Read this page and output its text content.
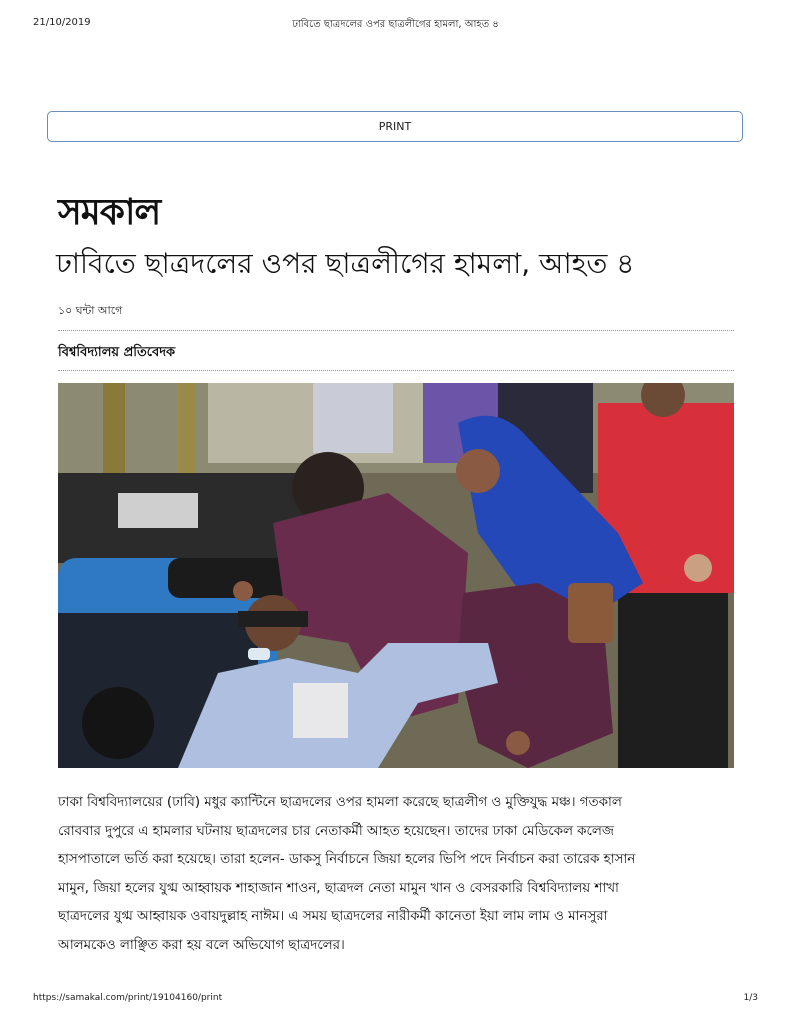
21/10/2019	ঢাবিতে ছাত্রদলের ওপর ছাত্রলীগের হামলা, আহত ৪
PRINT
সমকাল
ঢাবিতে ছাত্রদলের ওপর ছাত্রলীগের হামলা, আহত ৪
১০ ঘন্টা আগে
বিশ্ববিদ্যালয় প্রতিবেদক
ঢাকা বিশ্ববিদ্যালয়ের (ঢাবি) মধুর ক্যান্টিনে ছাত্রদলের ওপর হামলা করেছে ছাত্রলীগ ও মুক্তিযুদ্ধ মঞ্চ। গতকাল
রোববার দুপুরে এ হামলার ঘটনায় ছাত্রদলের চার নেতাকর্মী আহত হয়েছেন। তাদের ঢাকা মেডিকেল কলেজ
হাসপাতালে ভর্তি করা হয়েছে। তারা হলেন- ডাকসু নির্বাচনে জিয়া হলের ভিপি পদে নির্বাচন করা তারেক হাসান
মামুন, জিয়া হলের যুগ্ম আহ্বায়ক শাহাজান শাওন, ছাত্রদল নেতা মামুন খান ও বেসরকারি বিশ্ববিদ্যালয় শাখা
ছাত্রদলের যুগ্ম আহ্বায়ক ওবায়দুল্লাহ নাঈম। এ সময় ছাত্রদলের নারীকর্মী কানেতা ইয়া লাম লাম ও মানসুরা
আলমকেও লাঞ্ছিত করা হয় বলে অভিযোগ ছাত্রদলের।
https://samakal.com/print/19104160/print	1/3
